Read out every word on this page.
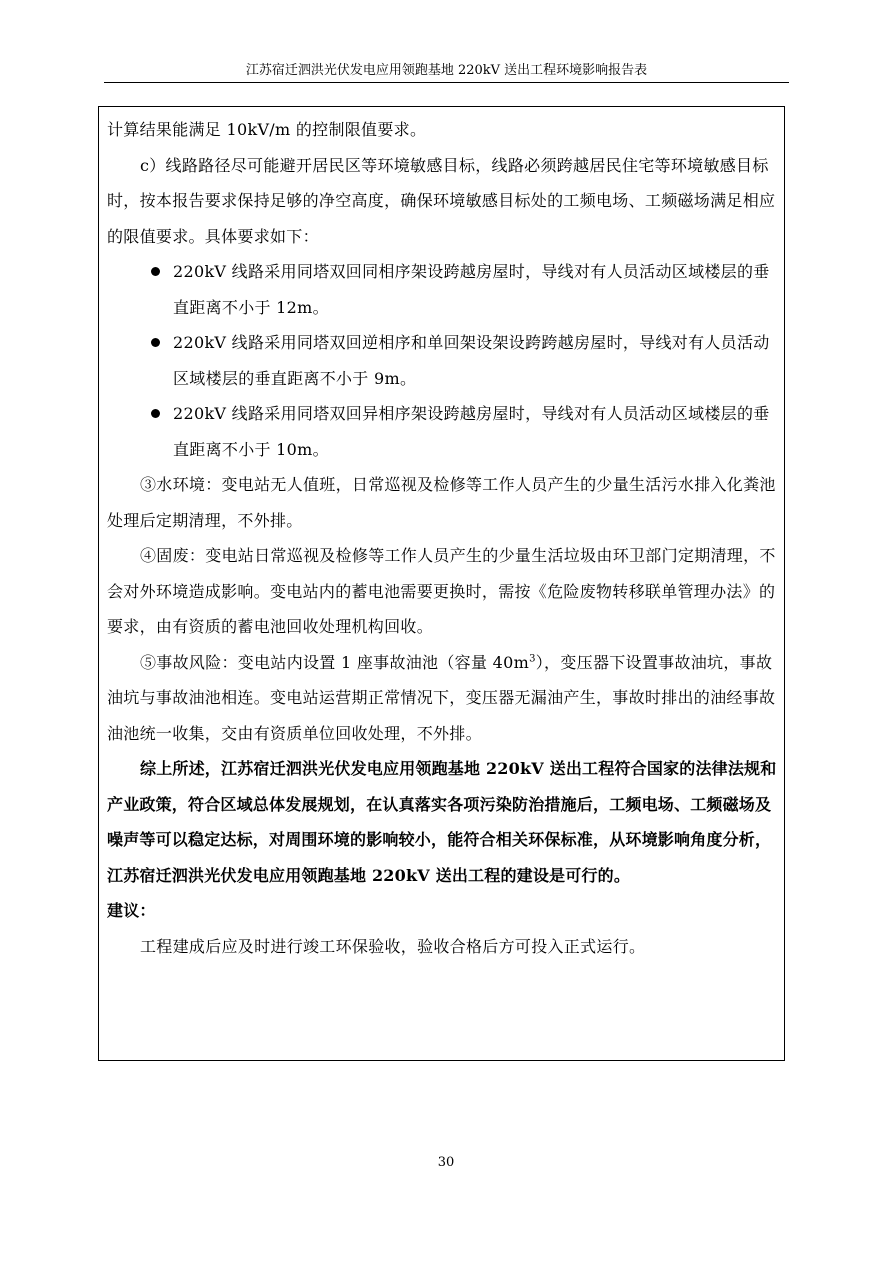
江苏宿迁泗洪光伏发电应用领跑基地 220kV 送出工程环境影响报告表

计算结果能满足 10kV/m 的控制限值要求。

c）线路路径尽可能避开居民区等环境敏感目标，线路必须跨越居民住宅等环境敏感目标时，按本报告要求保持足够的净空高度，确保环境敏感目标处的工频电场、工频磁场满足相应的限值要求。具体要求如下：

220kV 线路采用同塔双回同相序架设跨越房屋时，导线对有人员活动区域楼层的垂直距离不小于 12m。

220kV 线路采用同塔双回逆相序和单回架设架设跨跨越房屋时，导线对有人员活动区域楼层的垂直距离不小于 9m。

220kV 线路采用同塔双回异相序架设跨越房屋时，导线对有人员活动区域楼层的垂直距离不小于 10m。

③水环境：变电站无人值班，日常巡视及检修等工作人员产生的少量生活污水排入化粪池处理后定期清理，不外排。

④固废：变电站日常巡视及检修等工作人员产生的少量生活垃圾由环卫部门定期清理，不会对外环境造成影响。变电站内的蓄电池需要更换时，需按《危险废物转移联单管理办法》的要求，由有资质的蓄电池回收处理机构回收。

⑤事故风险：变电站内设置 1 座事故油池（容量 $40m^3$），变压器下设置事故油坑，事故油坑与事故油池相连。变电站运营期正常情况下，变压器无漏油产生，事故时排出的油经事故油池统一收集，交由有资质单位回收处理，不外排。

综上所述，江苏宿迁泗洪光伏发电应用领跑基地 220kV 送出工程符合国家的法律法规和产业政策，符合区域总体发展规划，在认真落实各项污染防治措施后，工频电场、工频磁场及噪声等可以稳定达标，对周围环境的影响较小，能符合相关环保标准，从环境影响角度分析，江苏宿迁泗洪光伏发电应用领跑基地 220kV 送出工程的建设是可行的。

建议：

工程建成后应及时进行竣工环保验收，验收合格后方可投入正式运行。

30
